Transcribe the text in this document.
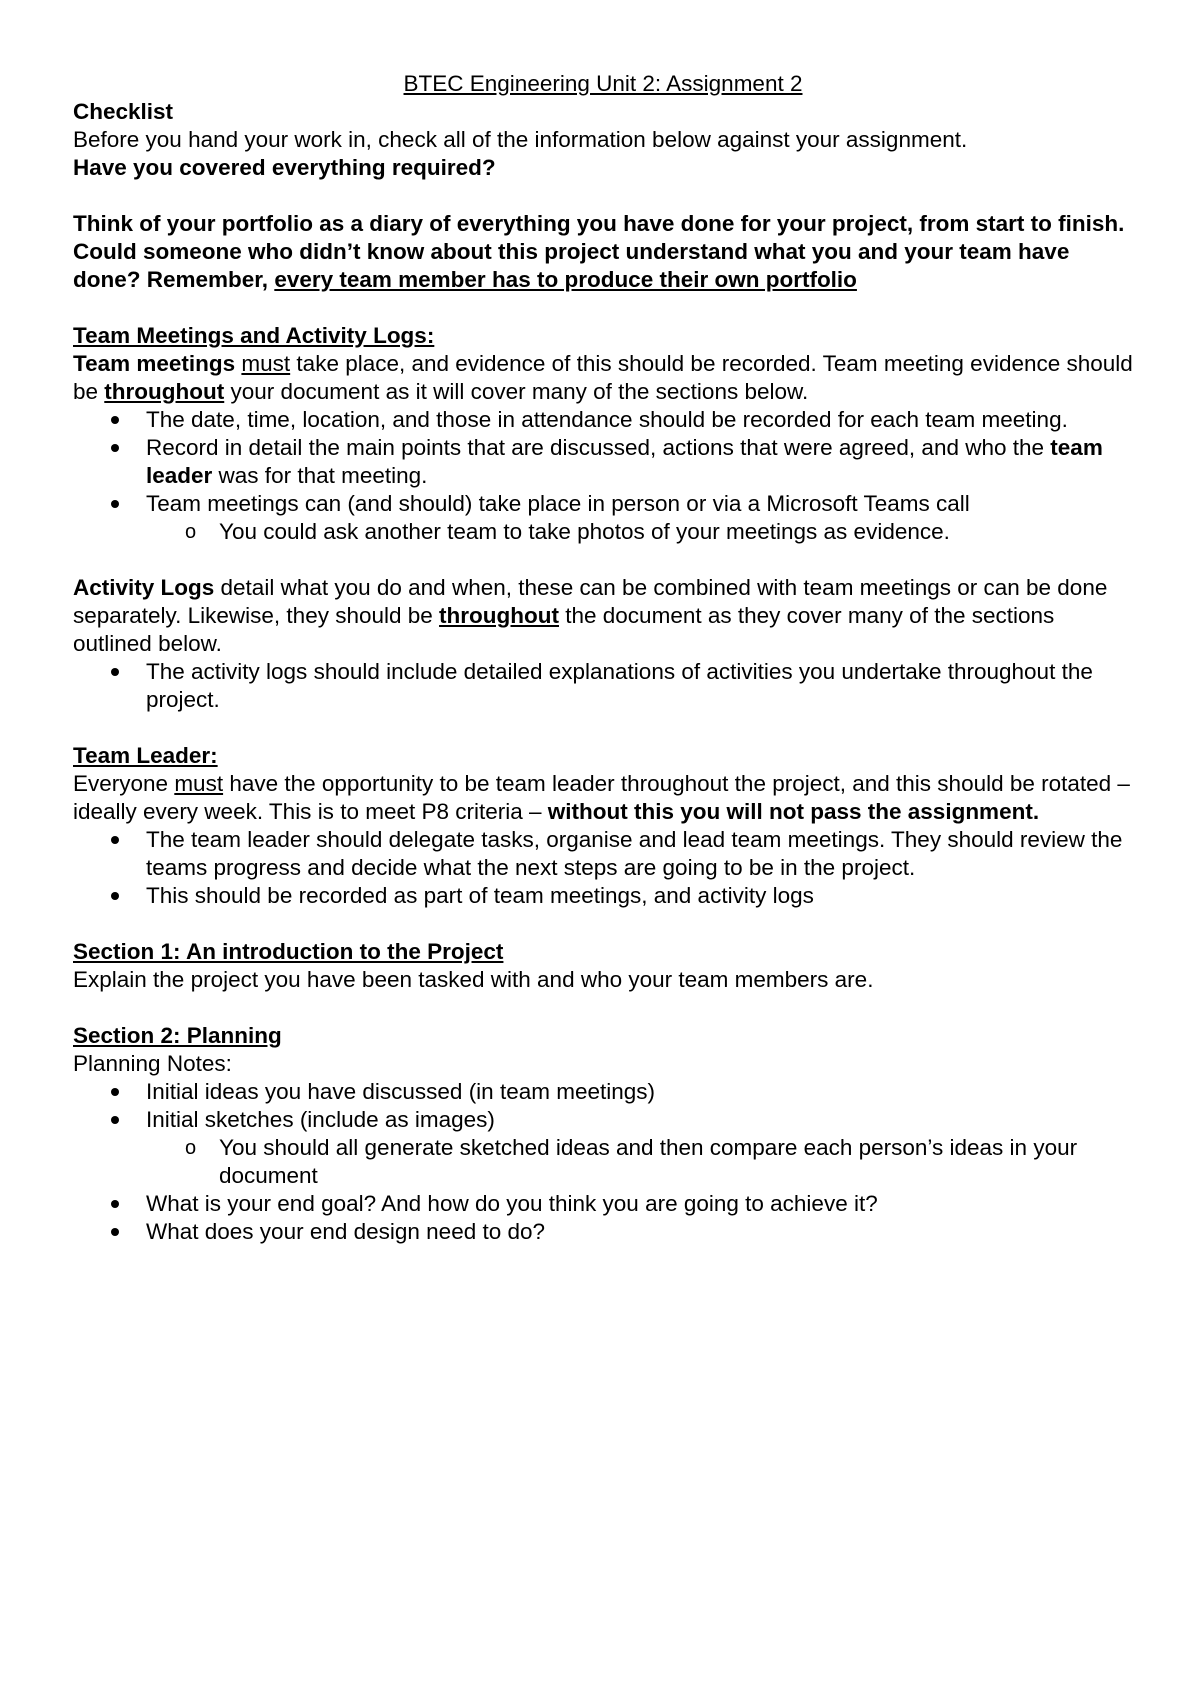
BTEC Engineering Unit 2: Assignment 2

Checklist

Before you hand your work in, check all of the information below against your assignment.

Have you covered everything required?

Think of your portfolio as a diary of everything you have done for your project, from start to finish. Could someone who didn’t know about this project understand what you and your team have done? Remember, every team member has to produce their own portfolio

Team Meetings and Activity Logs:

Team meetings must take place, and evidence of this should be recorded. Team meeting evidence should be throughout your document as it will cover many of the sections below.

The date, time, location, and those in attendance should be recorded for each team meeting.
Record in detail the main points that are discussed, actions that were agreed, and who the team leader was for that meeting.
Team meetings can (and should) take place in person or via a Microsoft Teams call
o You could ask another team to take photos of your meetings as evidence.

Activity Logs detail what you do and when, these can be combined with team meetings or can be done separately. Likewise, they should be throughout the document as they cover many of the sections outlined below.

The activity logs should include detailed explanations of activities you undertake throughout the project.

Team Leader:

Everyone must have the opportunity to be team leader throughout the project, and this should be rotated – ideally every week. This is to meet P8 criteria – without this you will not pass the assignment.

The team leader should delegate tasks, organise and lead team meetings. They should review the teams progress and decide what the next steps are going to be in the project.
This should be recorded as part of team meetings, and activity logs

Section 1: An introduction to the Project

Explain the project you have been tasked with and who your team members are.

Section 2: Planning

Planning Notes:

Initial ideas you have discussed (in team meetings)
Initial sketches (include as images)
o You should all generate sketched ideas and then compare each person’s ideas in your document
What is your end goal? And how do you think you are going to achieve it?
What does your end design need to do?
